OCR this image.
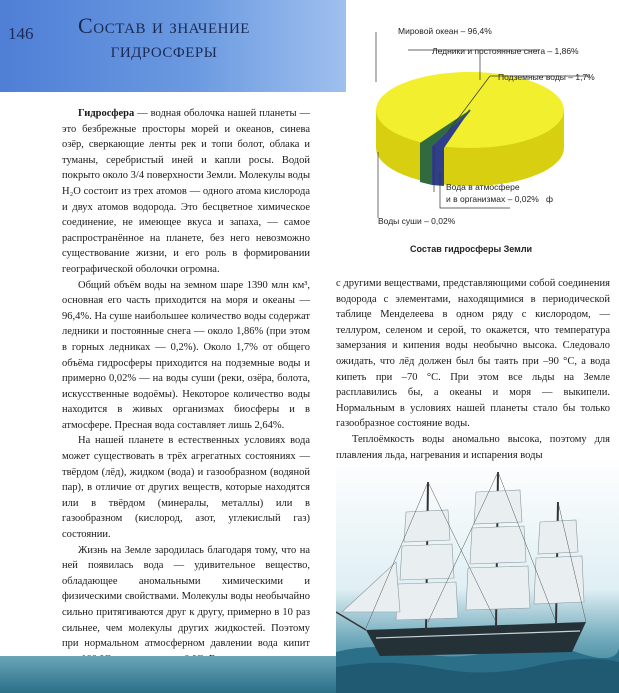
146	Состав и значение
гидросферы
Мировой океан – 96,4%
Ледники и постоянные снега – 1,86%
Подземные воды – 1,7%
Вода в атмосфере
и в организмах – 0,02% ф
Воды суши – 0,02%
Состав гидросферы Земли

Гидросфера — водная оболочка нашей планеты — это безбрежные просторы морей и океанов, синева озёр, сверкающие ленты рек и топи болот, облака и туманы, серебристый иней и капли росы. Водой покрыто около 3/4 поверхности Земли. Молекулы воды H₂O состоит из трех атомов — одного атома кислорода и двух атомов водорода. Это бесцветное химическое соединение, не имеющее вкуса и запаха, — самое распространённое на планете, без него невозможно существование жизни, и его роль в формировании географической оболочки огромна.

Общий объём воды на земном шаре 1390 млн км³, основная его часть приходится на моря и океаны — 96,4%. На суше наибольшее количество воды содержат ледники и постоянные снега — около 1,86% (при этом в горных ледниках — 0,2%). Около 1,7% от общего объёма гидросферы приходится на подземные воды и примерно 0,02% — на воды суши (реки, озёра, болота, искусственные водоёмы). Некоторое количество воды находится в живых организмах биосферы и в атмосфере. Пресная вода составляет лишь 2,64%.

На нашей планете в естественных условиях вода может существовать в трёх агрегатных состояниях — твёрдом (лёд), жидком (вода) и газообразном (водяной пар), в отличие от других веществ, которые находятся или в твёрдом (минералы, металлы) или в газообразном (кислород, азот, углекислый газ) состоянии.

Жизнь на Земле зародилась благодаря тому, что на ней появилась вода — удивительное вещество, обладающее аномальными химическими и физическими свойствами. Молекулы воды необычайно сильно притягиваются друг к другу, примерно в 10 раз сильнее, чем молекулы других жидкостей. Поэтому при нормальном атмосферном давлении вода кипит

с другими веществами, представляющими собой соединения водорода с элементами, находящимися в периодической таблице Менделеева в одном ряду с кислородом, — теллуром, селеном и серой, то окажется, что температура замерзания и кипения воды необычно высока. Следовало ожидать, что лёд должен был бы таять при –90 °С, а вода кипеть при –70 °С. При этом все льды на Земле расплавились бы, а океаны и моря — выкипели. Нормальным в условиях нашей планеты стало бы только газообразное состояние воды.

Теплоёмкость воды аномально высока, поэтому для плавления льда, нагревания и испарения воды
